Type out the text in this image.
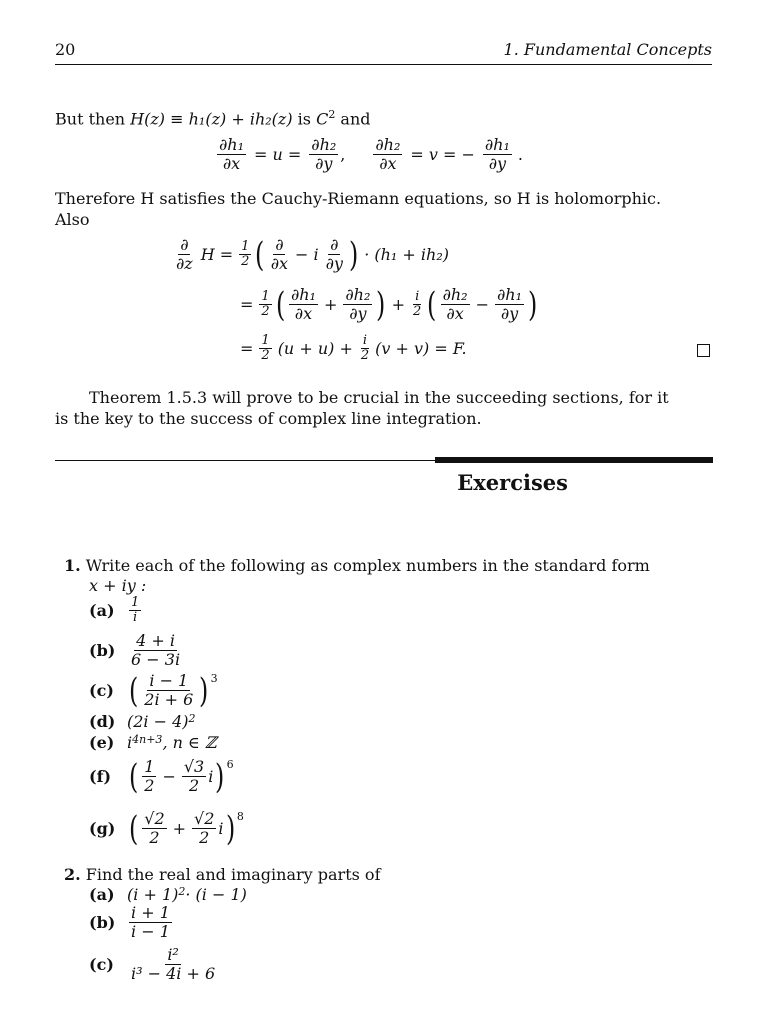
20	1. Fundamental Concepts
But then H(z) ≡ h₁(z) + ih₂(z) is $C^2$ and
$\frac{\text{∂h₁}}{\partial x} = u = \frac{\text{∂h₂}}{\partial y}$ , $\frac{\text{∂h₂}}{\partial x} = v$ = − $\frac{\text{∂h₁}}{\partial y}$ .
Therefore H satisfies the Cauchy-Riemann equations, so H is holomorphic.
Also
$\frac{\partial}{\partial z}$ $H = \frac{1}{2}$ ( $\frac{\partial}{\partial x} - i \frac{\partial}{\partial y}$ ) · (h₁ + ih₂)
= $\frac{1}{2}$ ( $\frac{\text{∂h₁}}{\partial x} + \frac{\text{∂h₂}}{\partial y}$ ) + $\frac{i}{2}$ ( $\frac{\text{∂h₂}}{\partial x} - \frac{\text{∂h₁}}{\partial y}$ )
= $\frac{1}{2} (u + u) + \frac{i}{2} (v + v) = F$.
Theorem 1.5.3 will prove to be crucial in the succeeding sections, for it
is the key to the success of complex line integration.
Exercises
1. Write each of the following as complex numbers in the standard form
x + iy :
(a)	$\frac{1}{i}$
$(b) \frac{4 + i}{6 - 3i}$
(c) ( $\frac{i - 1}{2i + 6}$ ) 3
(d) (2i − 4) 2
(e) i 4n+3 , n ∈ ℤ
(f) ( $\frac{1}{2} - \frac{√3}{2}$ i ) 6
(g) ( $\frac{√2}{2} + \frac{√2}{2}$ i ) 8
2. Find the real and imaginary parts of
(a) (i + 1) 2 · (i − 1)
$(b) \frac{i + 1}{i - 1}$
$(c) \frac{\text{i²}}{\text{i³ − 4i + 6}}$
